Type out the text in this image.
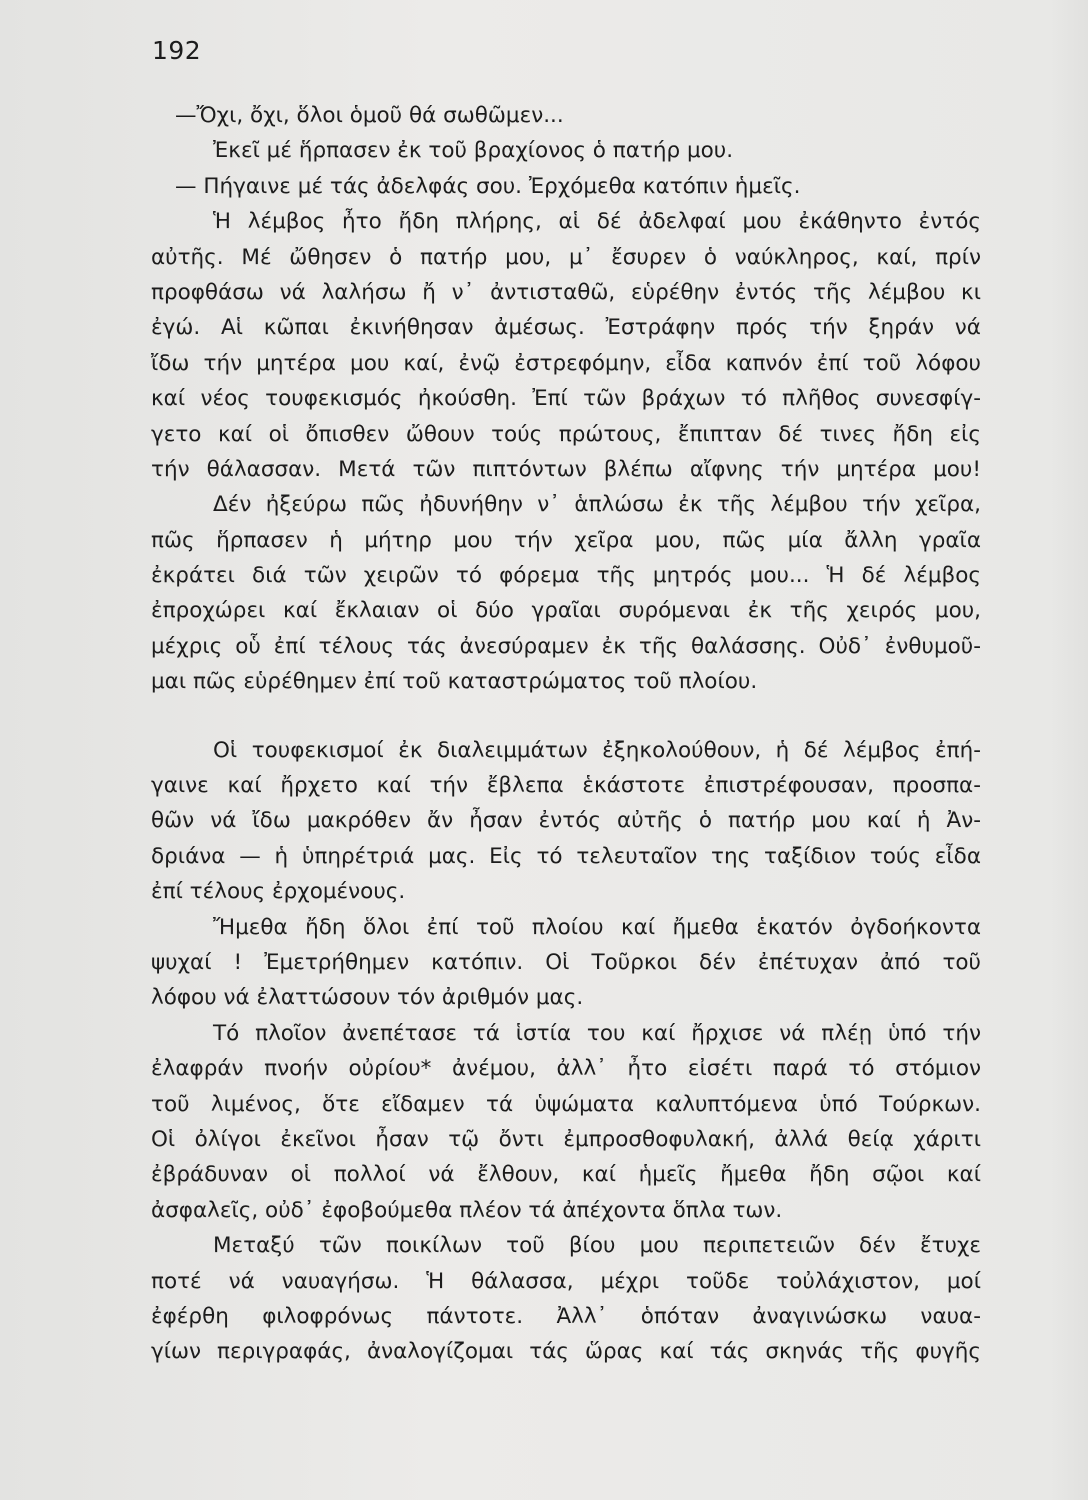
192
—Ὄχι, ὄχι, ὅλοι ὁμοῦ θά σωθῶμεν...
Ἐκεῖ μέ ἥρπασεν ἐκ τοῦ βραχίονος ὁ πατήρ μου.
— Πήγαινε μέ τάς ἀδελφάς σου. Ἐρχόμεθα κατόπιν ἡμεῖς.
Ἡ λέμβος ἦτο ἤδη πλήρης, αἱ δέ ἀδελφαί μου ἐκάθηντο ἐντός
αὐτῆς. Μέ ὤθησεν ὁ πατήρ μου, μ᾽ ἔσυρεν ὁ ναύκληρος, καί, πρίν
προφθάσω νά λαλήσω ἤ ν᾽ ἀντισταθῶ, εὑρέθην ἐντός τῆς λέμβου κι
ἐγώ. Αἱ κῶπαι ἐκινήθησαν ἀμέσως. Ἐστράφην πρός τήν ξηράν νά
ἴδω τήν μητέρα μου καί, ἐνῷ ἐστρεφόμην, εἶδα καπνόν ἐπί τοῦ λόφου
καί νέος τουφεκισμός ἠκούσθη. Ἐπί τῶν βράχων τό πλῆθος συνεσφίγ-
γετο καί οἱ ὄπισθεν ὤθουν τούς πρώτους, ἔπιπταν δέ τινες ἤδη εἰς
τήν θάλασσαν. Μετά τῶν πιπτόντων βλέπω αἴφνης τήν μητέρα μου!
Δέν ἠξεύρω πῶς ἠδυνήθην ν᾽ ἁπλώσω ἐκ τῆς λέμβου τήν χεῖρα,
πῶς ἥρπασεν ἡ μήτηρ μου τήν χεῖρα μου, πῶς μία ἄλλη γραῖα
ἐκράτει διά τῶν χειρῶν τό φόρεμα τῆς μητρός μου... Ἡ δέ λέμβος
ἐπροχώρει καί ἔκλαιαν οἱ δύο γραῖαι συρόμεναι ἐκ τῆς χειρός μου,
μέχρις οὗ ἐπί τέλους τάς ἀνεσύραμεν ἐκ τῆς θαλάσσης. Οὐδ᾽ ἐνθυμοῦ-
μαι πῶς εὑρέθημεν ἐπί τοῦ καταστρώματος τοῦ πλοίου.
Οἱ τουφεκισμοί ἐκ διαλειμμάτων ἐξηκολούθουν, ἡ δέ λέμβος ἐπή-
γαινε καί ἤρχετο καί τήν ἔβλεπα ἑκάστοτε ἐπιστρέφουσαν, προσπα-
θῶν νά ἴδω μακρόθεν ἄν ἦσαν ἐντός αὐτῆς ὁ πατήρ μου καί ἡ Ἀν-
δριάνα — ἡ ὑπηρέτριά μας. Εἰς τό τελευταῖον της ταξίδιον τούς εἶδα
ἐπί τέλους ἐρχομένους.
Ἤμεθα ἤδη ὅλοι ἐπί τοῦ πλοίου καί ἤμεθα ἑκατόν ὀγδοήκοντα
ψυχαί ! Ἐμετρήθημεν κατόπιν. Οἱ Τοῦρκοι δέν ἐπέτυχαν ἀπό τοῦ
λόφου νά ἐλαττώσουν τόν ἀριθμόν μας.
Τό πλοῖον ἀνεπέτασε τά ἱστία του καί ἤρχισε νά πλέῃ ὑπό τήν
ἐλαφράν πνοήν οὐρίου* ἀνέμου, ἀλλ᾽ ἦτο εἰσέτι παρά τό στόμιον
τοῦ λιμένος, ὅτε εἴδαμεν τά ὑψώματα καλυπτόμενα ὑπό Τούρκων.
Οἱ ὀλίγοι ἐκεῖνοι ἦσαν τῷ ὄντι ἐμπροσθοφυλακή, ἀλλά θείᾳ χάριτι
ἐβράδυναν οἱ πολλοί νά ἔλθουν, καί ἡμεῖς ἤμεθα ἤδη σῷοι καί
ἀσφαλεῖς, οὐδ᾽ ἐφοβούμεθα πλέον τά ἀπέχοντα ὅπλα των.
Μεταξύ τῶν ποικίλων τοῦ βίου μου περιπετειῶν δέν ἔτυχε
ποτέ νά ναυαγήσω. Ἡ θάλασσα, μέχρι τοῦδε τοὐλάχιστον, μοί
ἐφέρθη φιλοφρόνως πάντοτε. Ἀλλ᾽ ὁπόταν ἀναγινώσκω ναυα-
γίων περιγραφάς, ἀναλογίζομαι τάς ὥρας καί τάς σκηνάς τῆς φυγῆς
